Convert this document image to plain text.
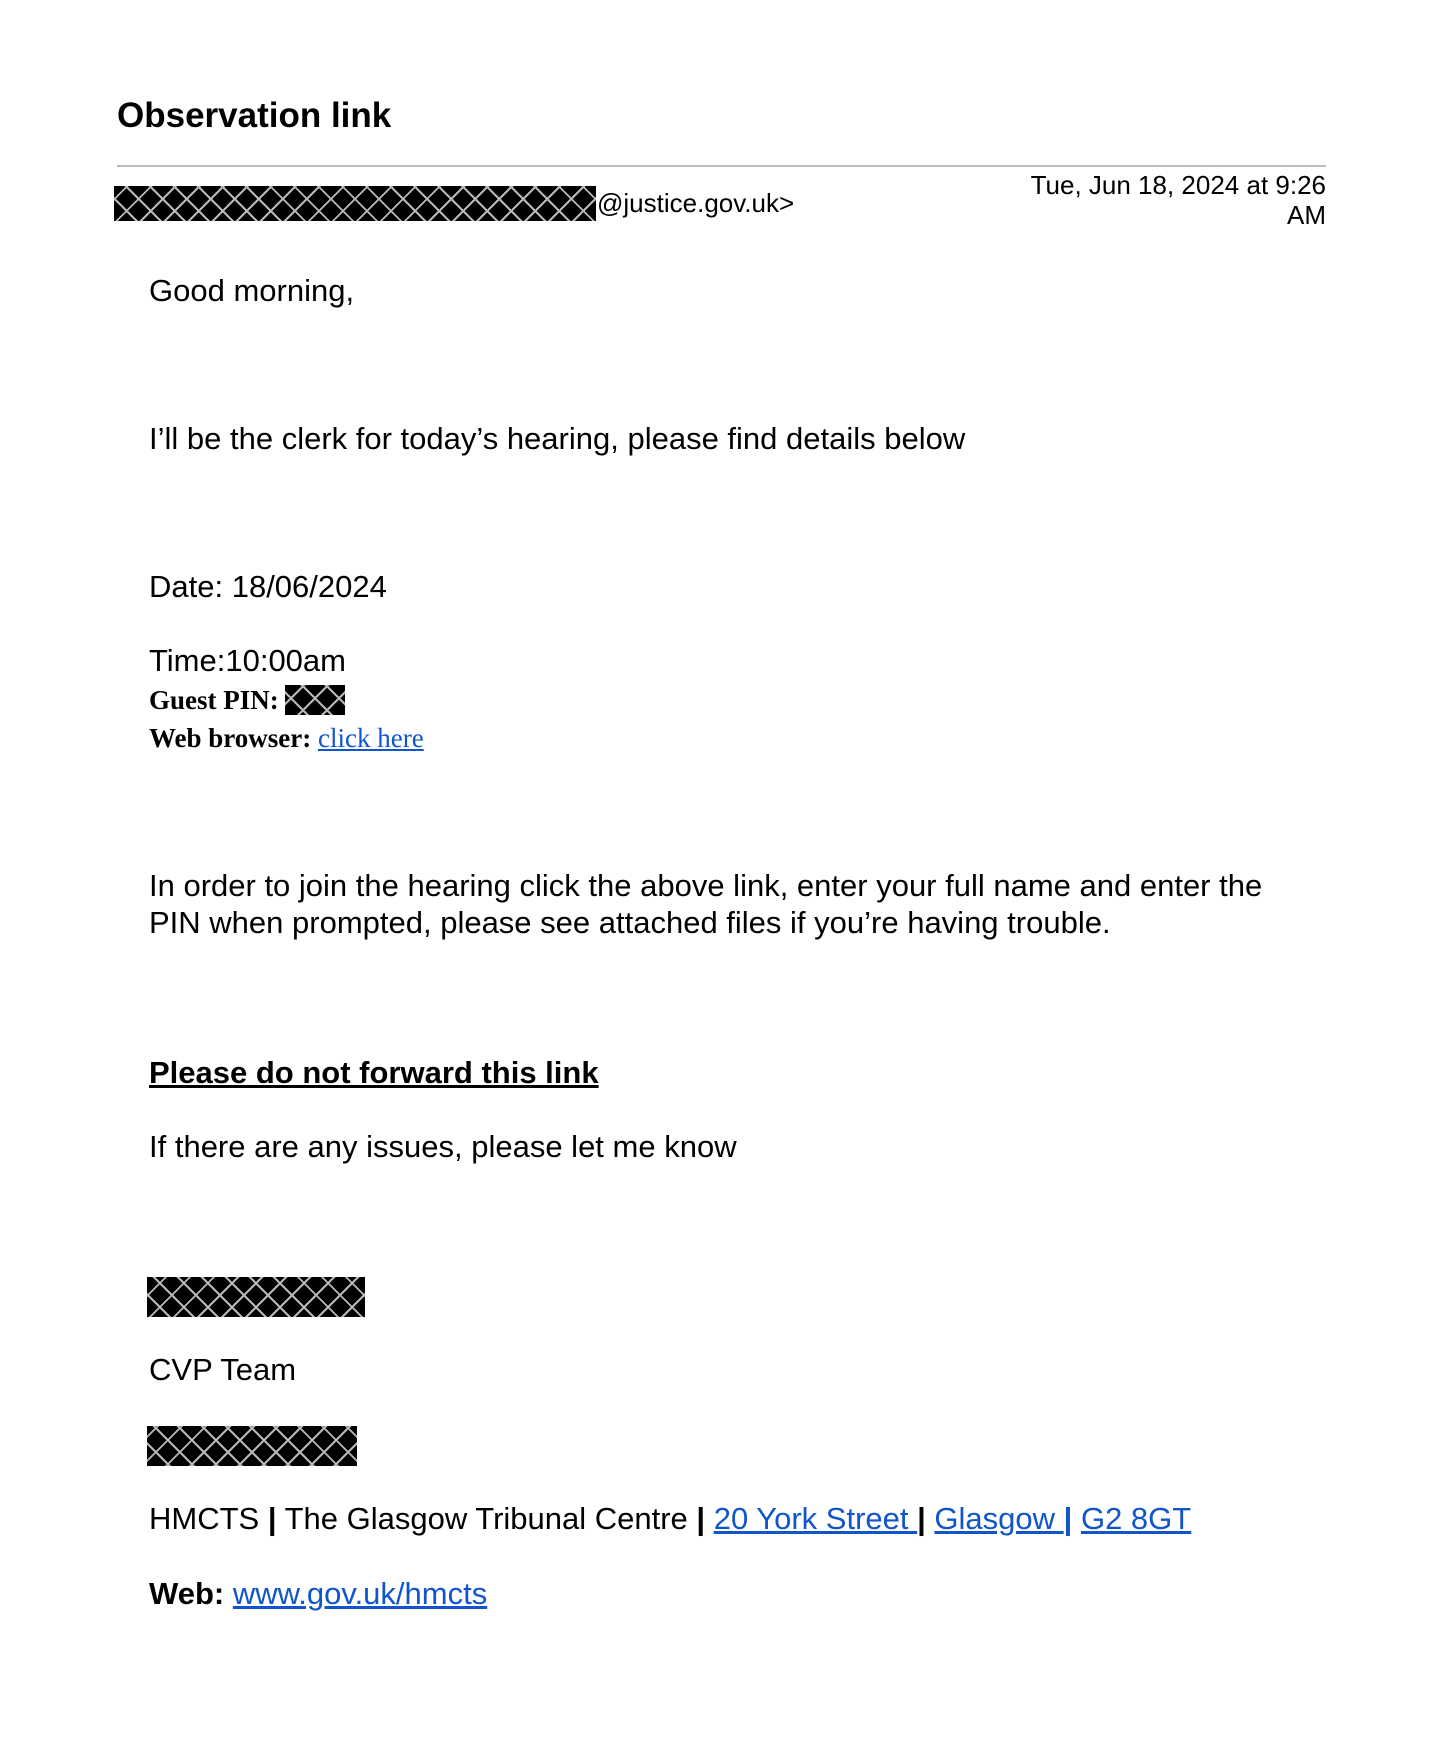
Observation link
@justice.gov.uk>
Tue, Jun 18, 2024 at 9:26 AM
Good morning,
I’ll be the clerk for today’s hearing, please find details below
Date: 18/06/2024
Time:10:00am
Guest PIN:
Web browser: click here
In order to join the hearing click the above link, enter your full name and enter the PIN when prompted, please see attached files if you’re having trouble.
Please do not forward this link
If there are any issues, please let me know
CVP Team
HMCTS | The Glasgow Tribunal Centre | 20 York Street | Glasgow | G2 8GT
Web: www.gov.uk/hmcts
